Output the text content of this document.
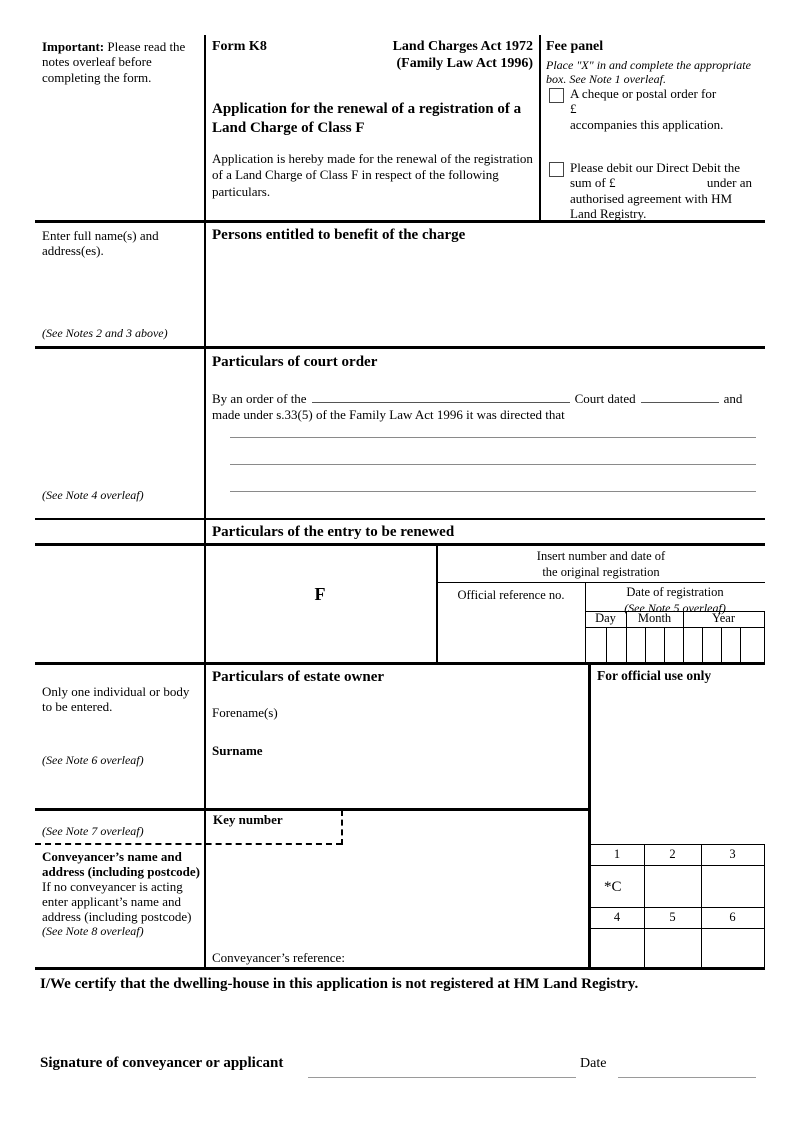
Important: Please read the notes overleaf before completing the form.
Form K8	Land Charges Act 1972
(Family Law Act 1996)
Application for the renewal of a registration of a Land Charge of Class F
Application is hereby made for the renewal of the registration of a Land Charge of Class F in respect of the following particulars.
Fee panel
Place "X" in and complete the appropriate box. See Note 1 overleaf.
A cheque or postal order for
£
accompanies this application.
Please debit our Direct Debit the
sum of £	under an
authorised agreement with HM
Land Registry.
Enter full name(s) and address(es).
(See Notes 2 and 3 above)
Persons entitled to benefit of the charge
Particulars of court order
By an order of the	Court dated	and
made under s.33(5) of the Family Law Act 1996 it was directed that
(See Note 4 overleaf)
Particulars of the entry to be renewed
F
Insert number and date of
the original registration
Official reference no.	Date of registration
(See Note 5 overleaf)
Day	Month	Year
Only one individual or body to be entered.
(See Note 6 overleaf)
Particulars of estate owner
Forename(s)
Surname
For official use only
(See Note 7 overleaf)
Key number
Conveyancer’s name and address (including postcode)
If no conveyancer is acting enter applicant’s name and address (including postcode)
(See Note 8 overleaf)
Conveyancer’s reference:
1	2	3
*C
4	5	6
I/We certify that the dwelling-house in this application is not registered at HM Land Registry.
Signature of conveyancer or applicant	Date
